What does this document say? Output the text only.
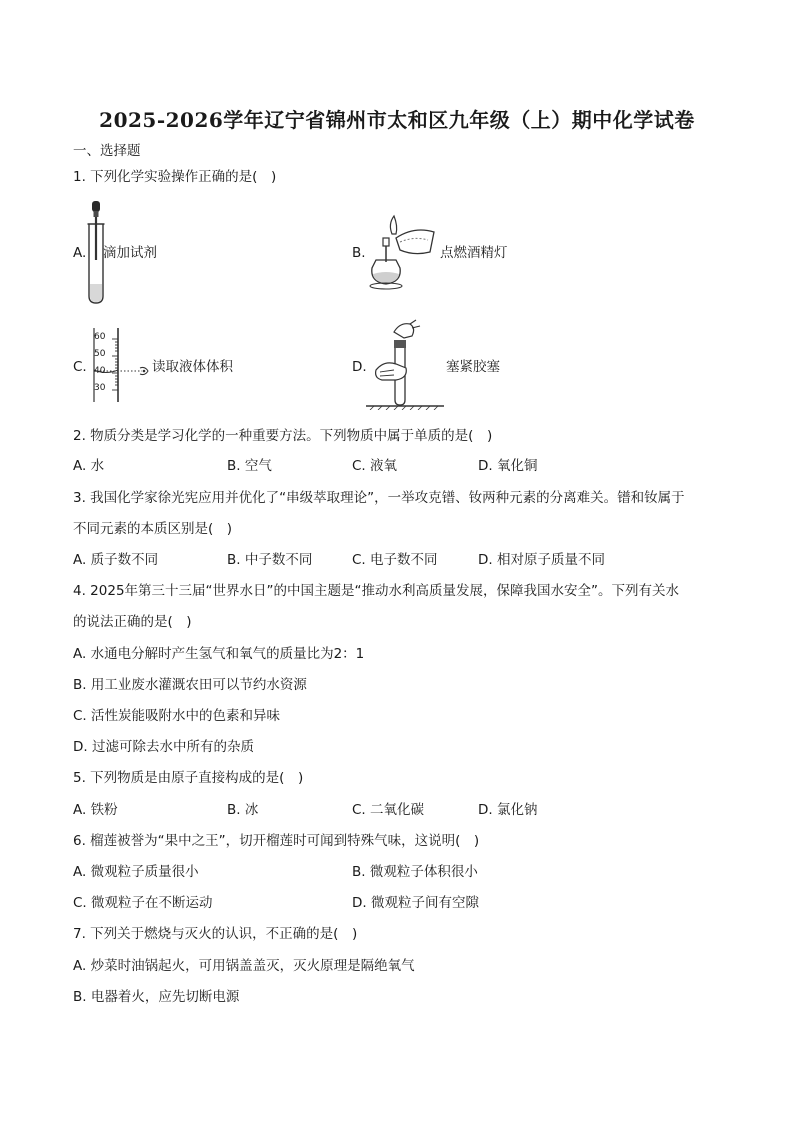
2025-2026学年辽宁省锦州市太和区九年级（上）期中化学试卷
一、选择题
1. 下列化学实验操作正确的是(　)
A. 滴加试剂	B.	点燃酒精灯
C.
60
50
40
30
读取液体体积	D.	塞紧胶塞
2. 物质分类是学习化学的一种重要方法。下列物质中属于单质的是(　)
A. 水	B. 空气	C. 液氧	D. 氧化铜
3. 我国化学家徐光宪应用并优化了“串级萃取理论”，一举攻克镨、钕两种元素的分离难关。镨和钕属于
不同元素的本质区别是(　)
A. 质子数不同	B. 中子数不同	C. 电子数不同	D. 相对原子质量不同
4. 2025年第三十三届“世界水日”的中国主题是“推动水利高质量发展，保障我国水安全”。下列有关水
的说法正确的是(　)
A. 水通电分解时产生氢气和氧气的质量比为2：1
B. 用工业废水灌溉农田可以节约水资源
C. 活性炭能吸附水中的色素和异味
D. 过滤可除去水中所有的杂质
5. 下列物质是由原子直接构成的是(　)
A. 铁粉	B. 冰	C. 二氧化碳	D. 氯化钠
6. 榴莲被誉为“果中之王”，切开榴莲时可闻到特殊气味，这说明(　)
A. 微观粒子质量很小	B. 微观粒子体积很小
C. 微观粒子在不断运动	D. 微观粒子间有空隙
7. 下列关于燃烧与灭火的认识，不正确的是(　)
A. 炒菜时油锅起火，可用锅盖盖灭，灭火原理是隔绝氧气
B. 电器着火，应先切断电源
